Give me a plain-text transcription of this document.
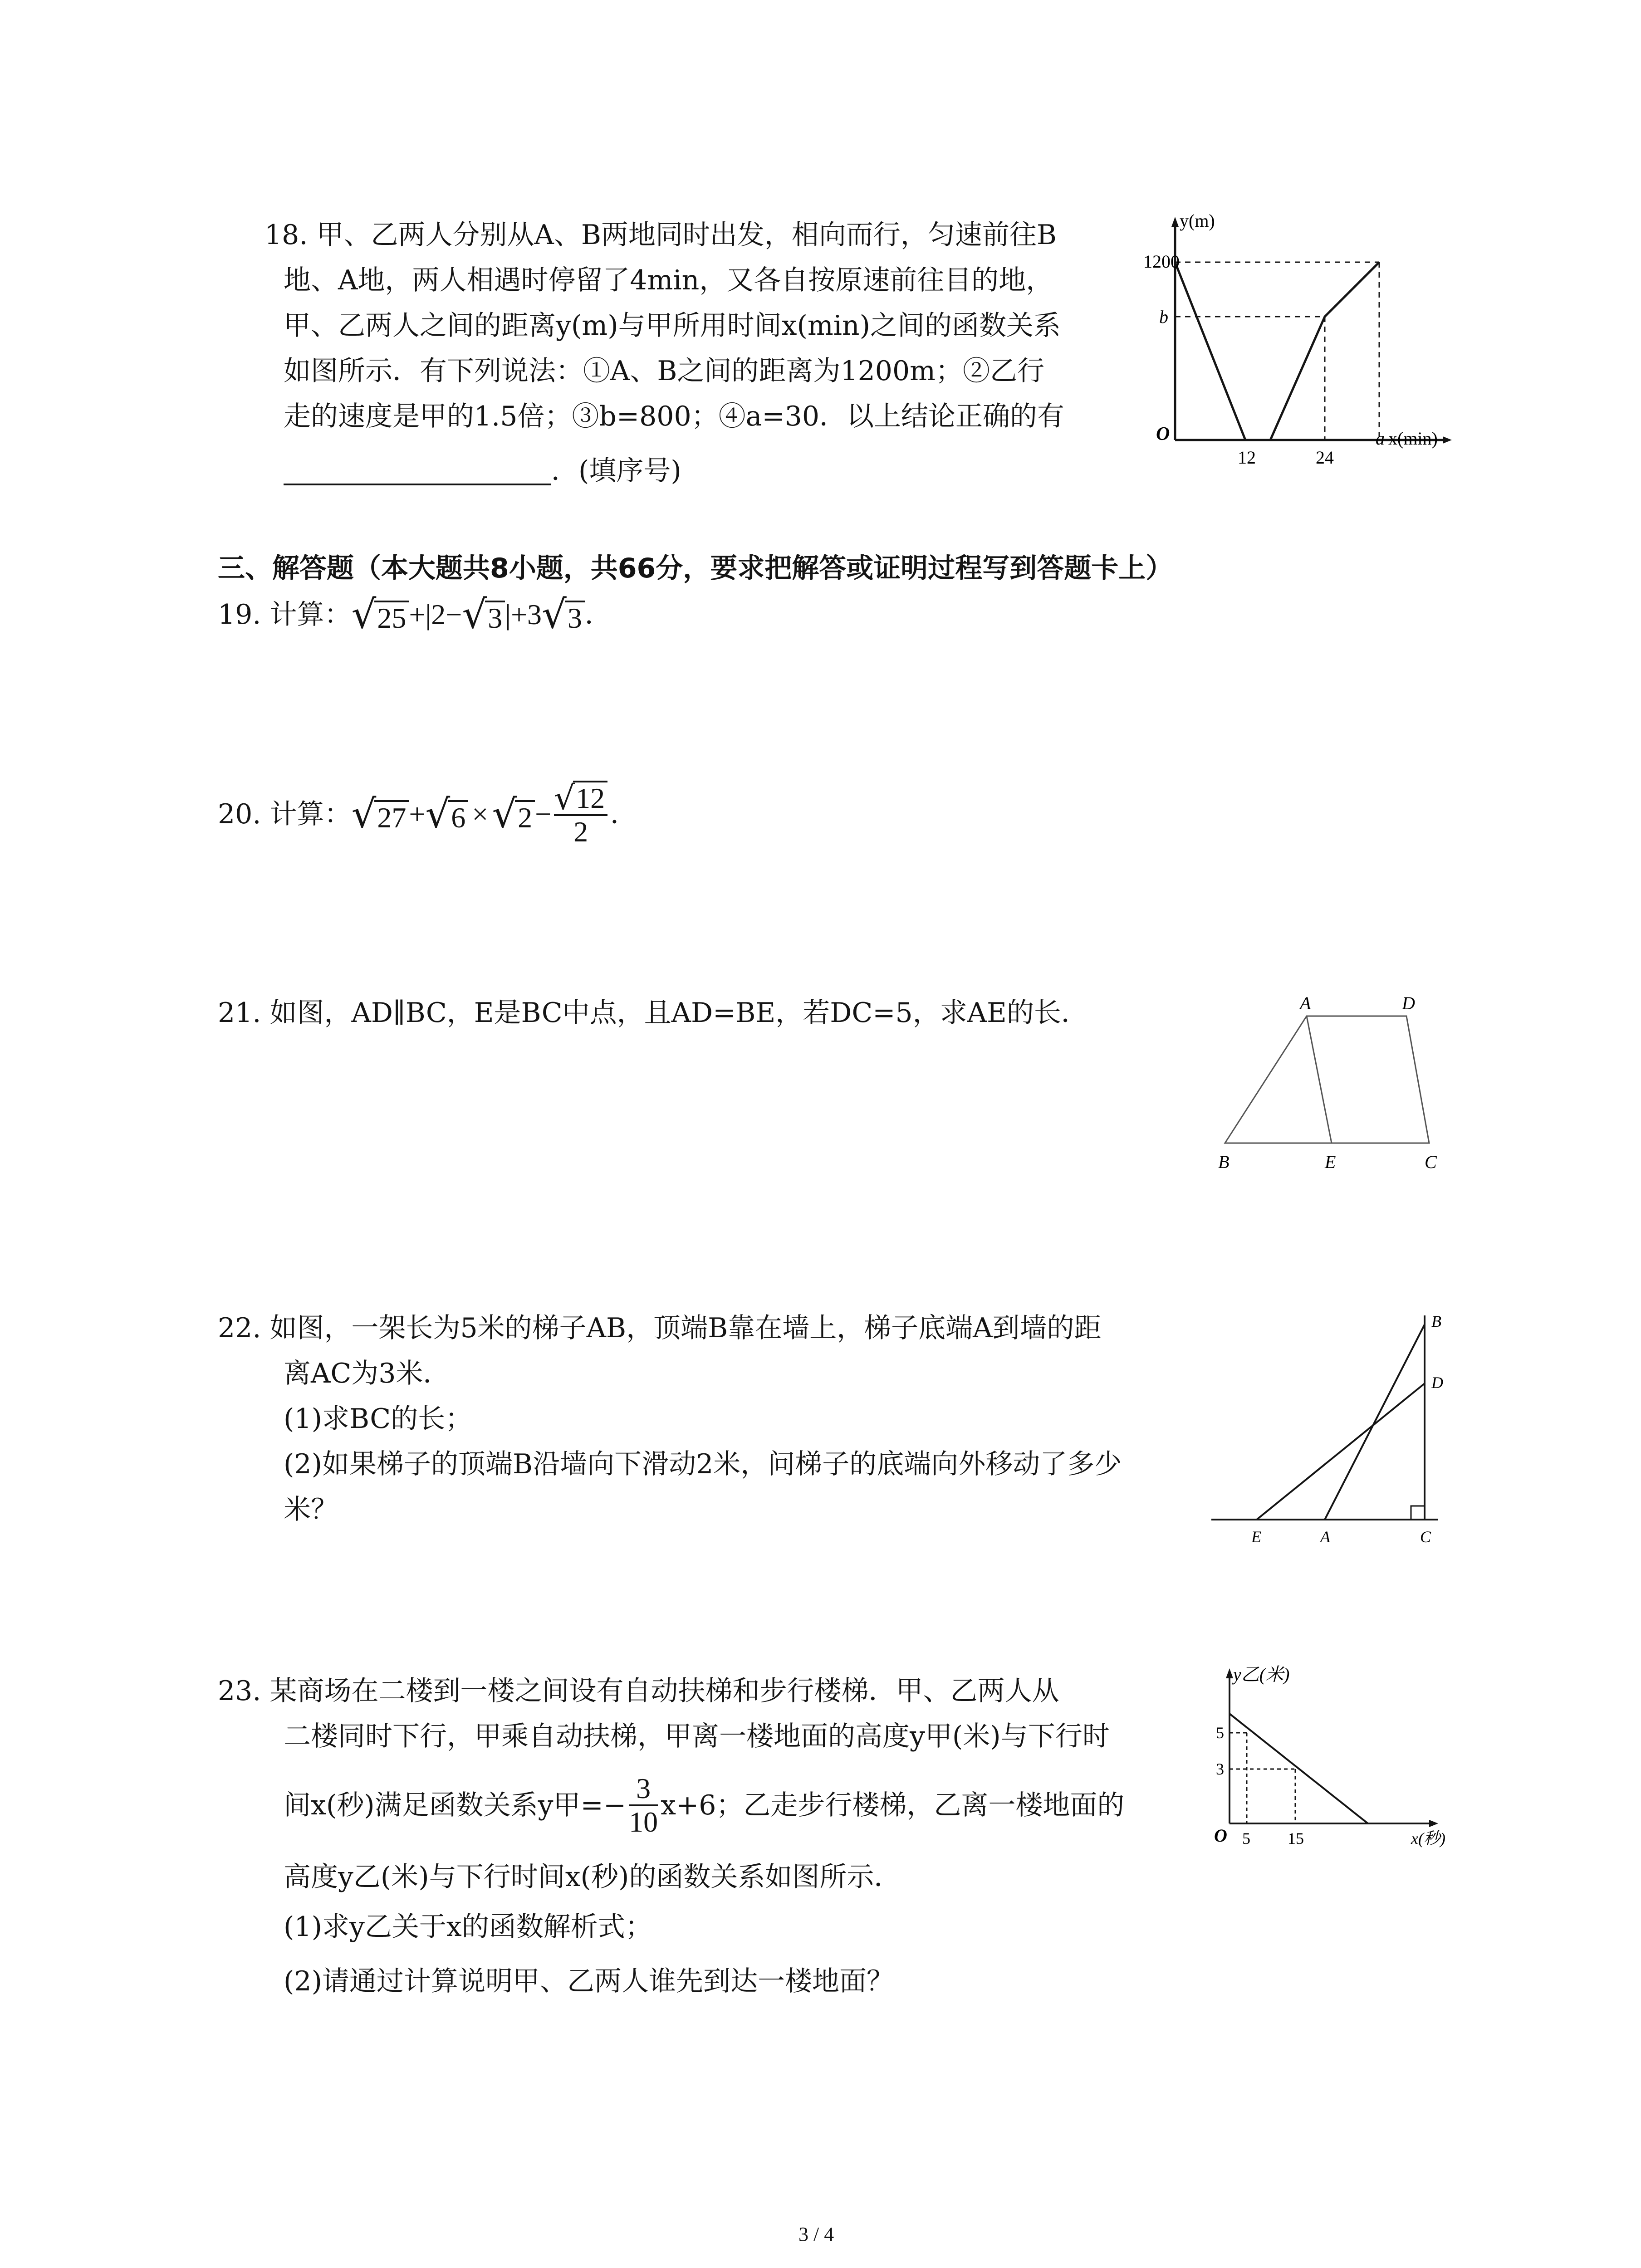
18. 甲、乙两人分别从A、B两地同时出发，相向而行，匀速前往B
地、A地，两人相遇时停留了4min，又各自按原速前往目的地，
甲、乙两人之间的距离y(m)与甲所用时间x(min)之间的函数关系
如图所示．有下列说法：①A、B之间的距离为1200m；②乙行
走的速度是甲的1.5倍；③b=800；④a=30．以上结论正确的有
．(填序号)
y(m)
x(min)
1200
b
O
12	24
a
三、解答题（本大题共8小题，共66分，要求把解答或证明过程写到答题卡上）
19. 计算： √ 25 +|2− √ 3 |+3 √ 3 ．
20. 计算： √ 27 + √ 6 × √ $2 - \frac{√ 12}{2}$ ．
21. 如图，AD∥BC，E是BC中点，且AD=BE，若DC=5，求AE的长．	A	D
B	E	C
22. 如图，一架长为5米的梯子AB，顶端B靠在墙上，梯子底端A到墙的距
离AC为3米．
(1)求BC的长；
(2)如果梯子的顶端B沿墙向下滑动2米，问梯子的底端向外移动了多少
米？
B
D
E	A	C
23. 某商场在二楼到一楼之间设有自动扶梯和步行楼梯．甲、乙两人从
二楼同时下行，甲乘自动扶梯，甲离一楼地面的高度y甲(米)与下行时
间x(秒)满足函数关系y甲=− $\frac{3}{10} x+6$；乙走步行楼梯，乙离一楼地面的
高度y乙(米)与下行时间x(秒)的函数关系如图所示．
(1)求y乙关于x的函数解析式；
(2)请通过计算说明甲、乙两人谁先到达一楼地面？
y乙(米)
x(秒)
5
3
O 5 15
3 / 4
